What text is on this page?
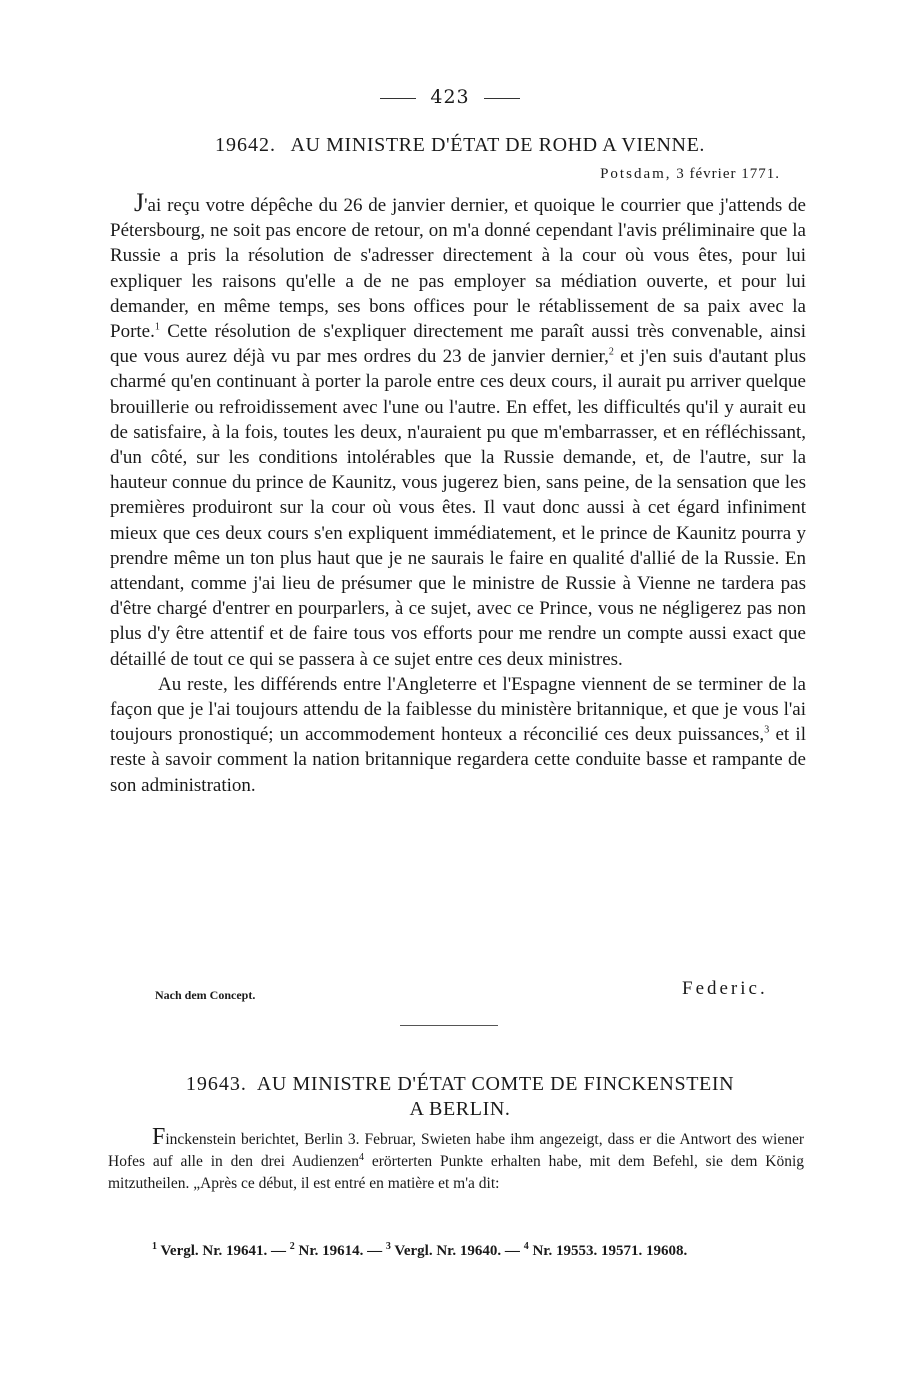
423
19642. AU MINISTRE D'ÉTAT DE ROHD A VIENNE.
Potsdam, 3 février 1771.

J'ai reçu votre dépêche du 26 de janvier dernier, et quoique le courrier que j'attends de Pétersbourg, ne soit pas encore de retour, on m'a donné cependant l'avis préliminaire que la Russie a pris la résolution de s'adresser directement à la cour où vous êtes, pour lui expliquer les raisons qu'elle a de ne pas employer sa médiation ouverte, et pour lui demander, en même temps, ses bons offices pour le rétablissement de sa paix avec la Porte.$^1$ Cette résolution de s'expliquer directement me paraît aussi très convenable, ainsi que vous aurez déjà vu par mes ordres du 23 de janvier dernier,$^2$ et j'en suis d'autant plus charmé qu'en continuant à porter la parole entre ces deux cours, il aurait pu arriver quelque brouillerie ou refroidissement avec l'une ou l'autre. En effet, les difficultés qu'il y aurait eu de satisfaire, à la fois, toutes les deux, n'auraient pu que m'embarrasser, et en réfléchissant, d'un côté, sur les conditions intolérables que la Russie demande, et, de l'autre, sur la hauteur connue du prince de Kaunitz, vous jugerez bien, sans peine, de la sensation que les premières produiront sur la cour où vous êtes. Il vaut donc aussi à cet égard infiniment mieux que ces deux cours s'en expliquent immédiatement, et le prince de Kaunitz pourra y prendre même un ton plus haut que je ne saurais le faire en qualité d'allié de la Russie. En attendant, comme j'ai lieu de présumer que le ministre de Russie à Vienne ne tardera pas d'être chargé d'entrer en pourparlers, à ce sujet, avec ce Prince, vous ne négligerez pas non plus d'y être attentif et de faire tous vos efforts pour me rendre un compte aussi exact que détaillé de tout ce qui se passera à ce sujet entre ces deux ministres.

Au reste, les différends entre l'Angleterre et l'Espagne viennent de se terminer de la façon que je l'ai toujours attendu de la faiblesse du ministère britannique, et que je vous l'ai toujours pronostiqué; un accommodement honteux a réconcilié ces deux puissances,$^3$ et il reste à savoir comment la nation britannique regardera cette conduite basse et rampante de son administration.

Nach dem Concept.	Federic.
19643. AU MINISTRE D'ÉTAT COMTE DE FINCKENSTEIN
A BERLIN.

Finckenstein berichtet, Berlin 3. Februar, Swieten habe ihm angezeigt, dass er die Antwort des wiener Hofes auf alle in den drei Audienzen$^4$ erörterten Punkte erhalten habe, mit dem Befehl, sie dem König mitzutheilen. „Après ce début, il est entré en matière et m'a dit:

$^1$ Vergl. Nr. 19641. — $^2$ Nr. 19614. — $^3$ Vergl. Nr. 19640. — $^4$ Nr. 19553. 19571. 19608.
